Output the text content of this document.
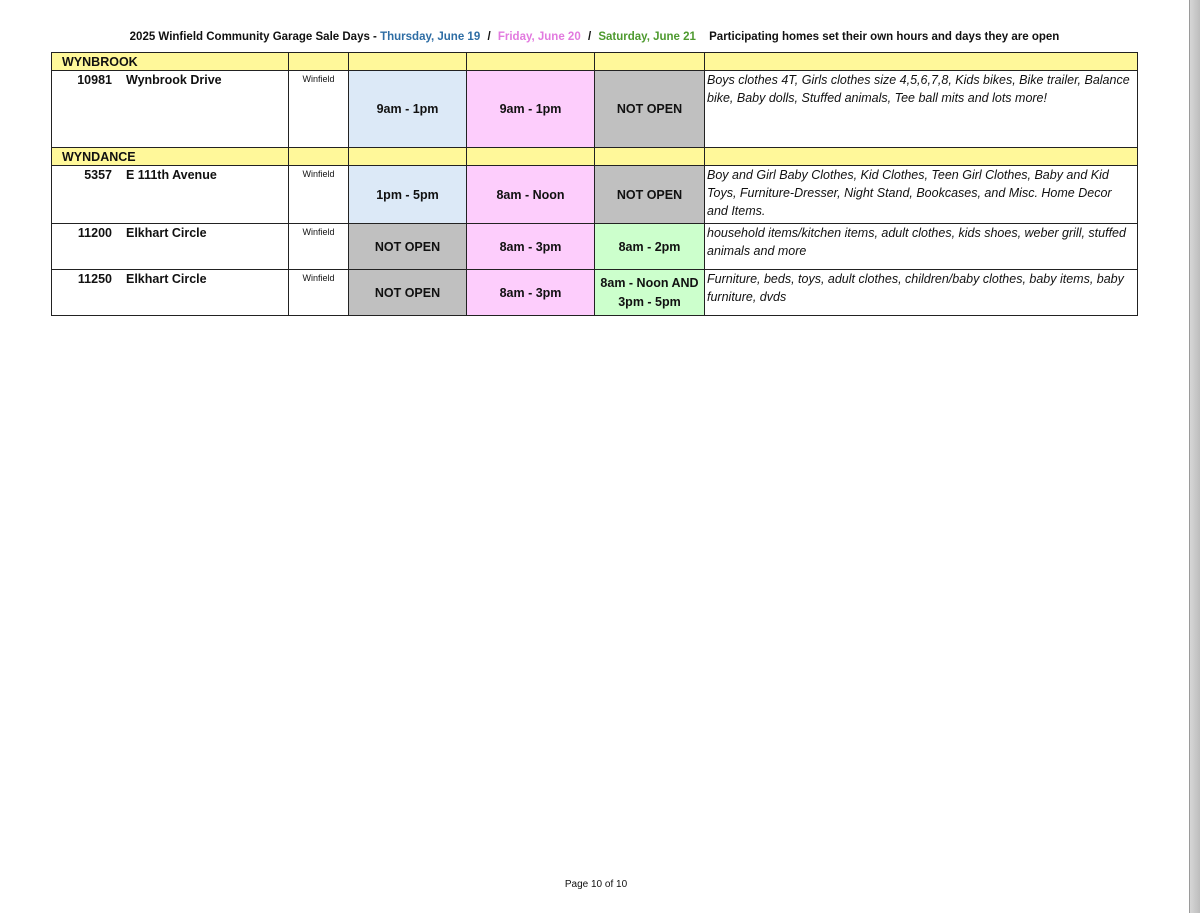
2025 Winfield Community Garage Sale Days - Thursday, June 19 / Friday, June 20 / Saturday, June 21 Participating homes set their own hours and days they are open
WYNBROOK					
10981 Wynbrook Drive	Winfield	9am - 1pm	9am - 1pm	NOT OPEN	Boys clothes 4T, Girls clothes size 4,5,6,7,8, Kids bikes, Bike trailer, Balance bike, Baby dolls, Stuffed animals, Tee ball mits and lots more!
WYNDANCE					
5357 E 111th Avenue	Winfield	1pm - 5pm	8am - Noon	NOT OPEN	Boy and Girl Baby Clothes, Kid Clothes, Teen Girl Clothes, Baby and Kid Toys, Furniture-Dresser, Night Stand, Bookcases, and Misc. Home Decor and Items.
11200 Elkhart Circle	Winfield	NOT OPEN	8am - 3pm	8am - 2pm	household items/kitchen items, adult clothes, kids shoes, weber grill, stuffed animals and more
11250 Elkhart Circle	Winfield	NOT OPEN	8am - 3pm	8am - Noon AND 3pm - 5pm	Furniture, beds, toys, adult clothes, children/baby clothes, baby items, baby furniture, dvds
Page 10 of 10
